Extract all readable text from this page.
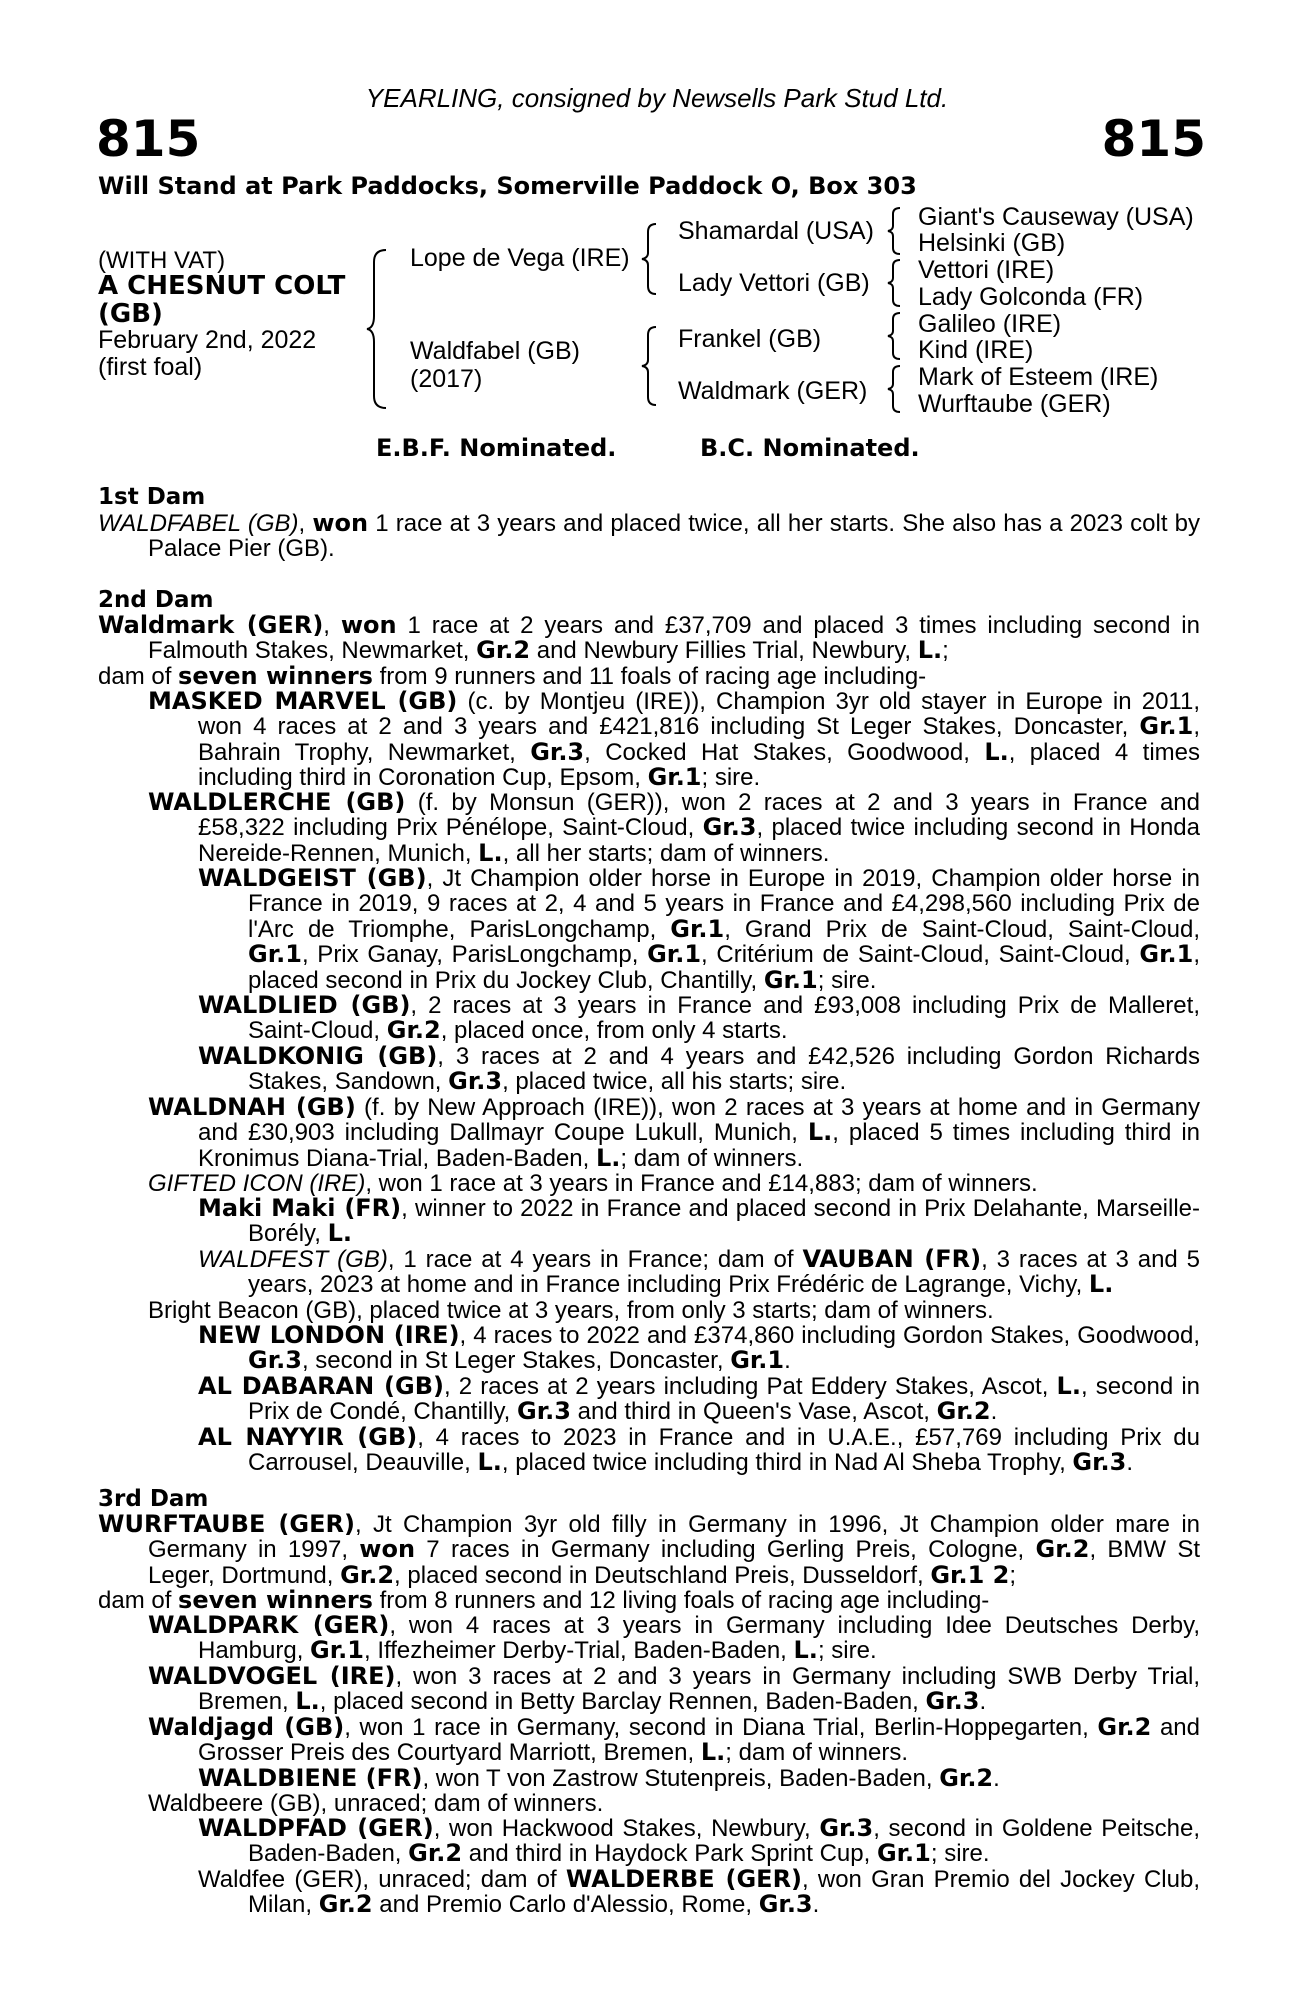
YEARLING, consigned by Newsells Park Stud Ltd.
815	815
Will Stand at Park Paddocks, Somerville Paddock O, Box 303
(WITH VAT)
A CHESNUT COLT
(GB)
February 2nd, 2022
(first foal)
Lope de Vega (IRE)
Waldfabel (GB)
(2017)
Shamardal (USA)
Lady Vettori (GB)
Frankel (GB)
Waldmark (GER)
Giant's Causeway (USA)
Helsinki (GB)
Vettori (IRE)
Lady Golconda (FR)
Galileo (IRE)
Kind (IRE)
Mark of Esteem (IRE)
Wurftaube (GER)
E.B.F. Nominated.	B.C. Nominated.
1st Dam
WALDFABEL (GB), won 1 race at 3 years and placed twice, all her starts. She also has a 2023 colt by Palace Pier (GB).
2nd Dam
Waldmark (GER), won 1 race at 2 years and £37,709 and placed 3 times including second in Falmouth Stakes, Newmarket, Gr.2 and Newbury Fillies Trial, Newbury, L.;
dam of seven winners from 9 runners and 11 foals of racing age including-
MASKED MARVEL (GB) (c. by Montjeu (IRE)), Champion 3yr old stayer in Europe in 2011, won 4 races at 2 and 3 years and £421,816 including St Leger Stakes, Doncaster, Gr.1, Bahrain Trophy, Newmarket, Gr.3, Cocked Hat Stakes, Goodwood, L., placed 4 times including third in Coronation Cup, Epsom, Gr.1; sire.
WALDLERCHE (GB) (f. by Monsun (GER)), won 2 races at 2 and 3 years in France and £58,322 including Prix Pénélope, Saint-Cloud, Gr.3, placed twice including second in Honda Nereide-Rennen, Munich, L., all her starts; dam of winners.
WALDGEIST (GB), Jt Champion older horse in Europe in 2019, Champion older horse in France in 2019, 9 races at 2, 4 and 5 years in France and £4,298,560 including Prix de l'Arc de Triomphe, ParisLongchamp, Gr.1, Grand Prix de Saint-Cloud, Saint-Cloud, Gr.1, Prix Ganay, ParisLongchamp, Gr.1, Critérium de Saint-Cloud, Saint-Cloud, Gr.1, placed second in Prix du Jockey Club, Chantilly, Gr.1; sire.
WALDLIED (GB), 2 races at 3 years in France and £93,008 including Prix de Malleret, Saint-Cloud, Gr.2, placed once, from only 4 starts.
WALDKONIG (GB), 3 races at 2 and 4 years and £42,526 including Gordon Richards Stakes, Sandown, Gr.3, placed twice, all his starts; sire.
WALDNAH (GB) (f. by New Approach (IRE)), won 2 races at 3 years at home and in Germany and £30,903 including Dallmayr Coupe Lukull, Munich, L., placed 5 times including third in Kronimus Diana-Trial, Baden-Baden, L.; dam of winners.
GIFTED ICON (IRE), won 1 race at 3 years in France and £14,883; dam of winners.
Maki Maki (FR), winner to 2022 in France and placed second in Prix Delahante, Marseille-Borély, L.
WALDFEST (GB), 1 race at 4 years in France; dam of VAUBAN (FR), 3 races at 3 and 5 years, 2023 at home and in France including Prix Frédéric de Lagrange, Vichy, L.
Bright Beacon (GB), placed twice at 3 years, from only 3 starts; dam of winners.
NEW LONDON (IRE), 4 races to 2022 and £374,860 including Gordon Stakes, Goodwood, Gr.3, second in St Leger Stakes, Doncaster, Gr.1.
AL DABARAN (GB), 2 races at 2 years including Pat Eddery Stakes, Ascot, L., second in Prix de Condé, Chantilly, Gr.3 and third in Queen's Vase, Ascot, Gr.2.
AL NAYYIR (GB), 4 races to 2023 in France and in U.A.E., £57,769 including Prix du Carrousel, Deauville, L., placed twice including third in Nad Al Sheba Trophy, Gr.3.
3rd Dam
WURFTAUBE (GER), Jt Champion 3yr old filly in Germany in 1996, Jt Champion older mare in Germany in 1997, won 7 races in Germany including Gerling Preis, Cologne, Gr.2, BMW St Leger, Dortmund, Gr.2, placed second in Deutschland Preis, Dusseldorf, Gr.1 2;
dam of seven winners from 8 runners and 12 living foals of racing age including-
WALDPARK (GER), won 4 races at 3 years in Germany including Idee Deutsches Derby, Hamburg, Gr.1, Iffezheimer Derby-Trial, Baden-Baden, L.; sire.
WALDVOGEL (IRE), won 3 races at 2 and 3 years in Germany including SWB Derby Trial, Bremen, L., placed second in Betty Barclay Rennen, Baden-Baden, Gr.3.
Waldjagd (GB), won 1 race in Germany, second in Diana Trial, Berlin-Hoppegarten, Gr.2 and Grosser Preis des Courtyard Marriott, Bremen, L.; dam of winners.
WALDBIENE (FR), won T von Zastrow Stutenpreis, Baden-Baden, Gr.2.
Waldbeere (GB), unraced; dam of winners.
WALDPFAD (GER), won Hackwood Stakes, Newbury, Gr.3, second in Goldene Peitsche, Baden-Baden, Gr.2 and third in Haydock Park Sprint Cup, Gr.1; sire.
Waldfee (GER), unraced; dam of WALDERBE (GER), won Gran Premio del Jockey Club, Milan, Gr.2 and Premio Carlo d'Alessio, Rome, Gr.3.
